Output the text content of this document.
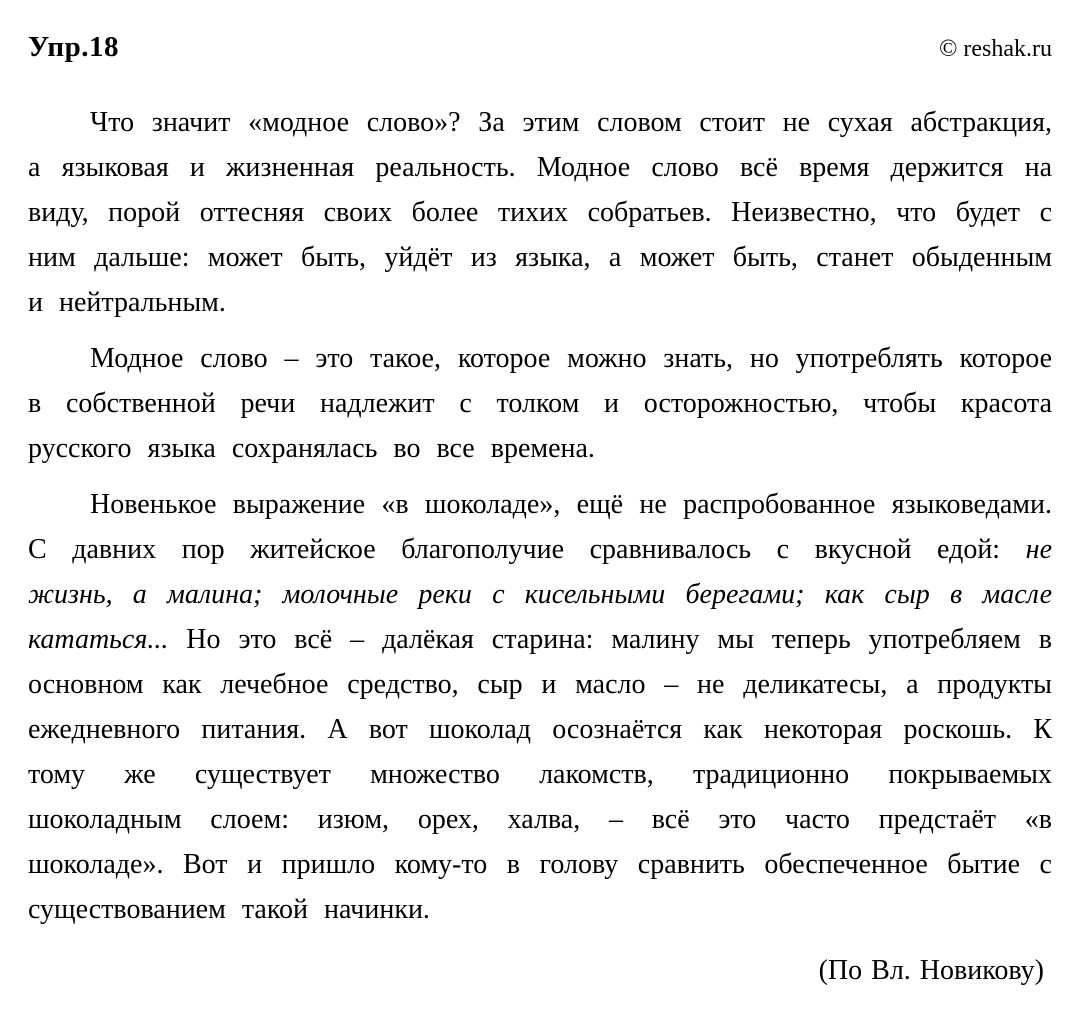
Упр.18	© reshak.ru

Что значит «модное слово»? За этим словом стоит не сухая абстракция, а языковая и жизненная реальность. Модное слово всё время держится на виду, порой оттесняя своих более тихих собратьев. Неизвестно, что будет с ним дальше: может быть, уйдёт из языка, а может быть, станет обыденным и нейтральным.

Модное слово – это такое, которое можно знать, но употреблять которое в собственной речи надлежит с толком и осторожностью, чтобы красота русского языка сохранялась во все времена.

Новенькое выражение «в шоколаде», ещё не распробованное языковедами. С давних пор житейское благополучие сравнивалось с вкусной едой: не жизнь, а малина; молочные реки с кисельными берегами; как сыр в масле кататься... Но это всё – далёкая старина: малину мы теперь употребляем в основном как лечебное средство, сыр и масло – не деликатесы, а продукты ежедневного питания. А вот шоколад осознаётся как некоторая роскошь. К тому же существует множество лакомств, традиционно покрываемых шоколадным слоем: изюм, орех, халва, – всё это часто предстаёт «в шоколаде». Вот и пришло кому-то в голову сравнить обеспеченное бытие с существованием такой начинки.

(По Вл. Новикову)
